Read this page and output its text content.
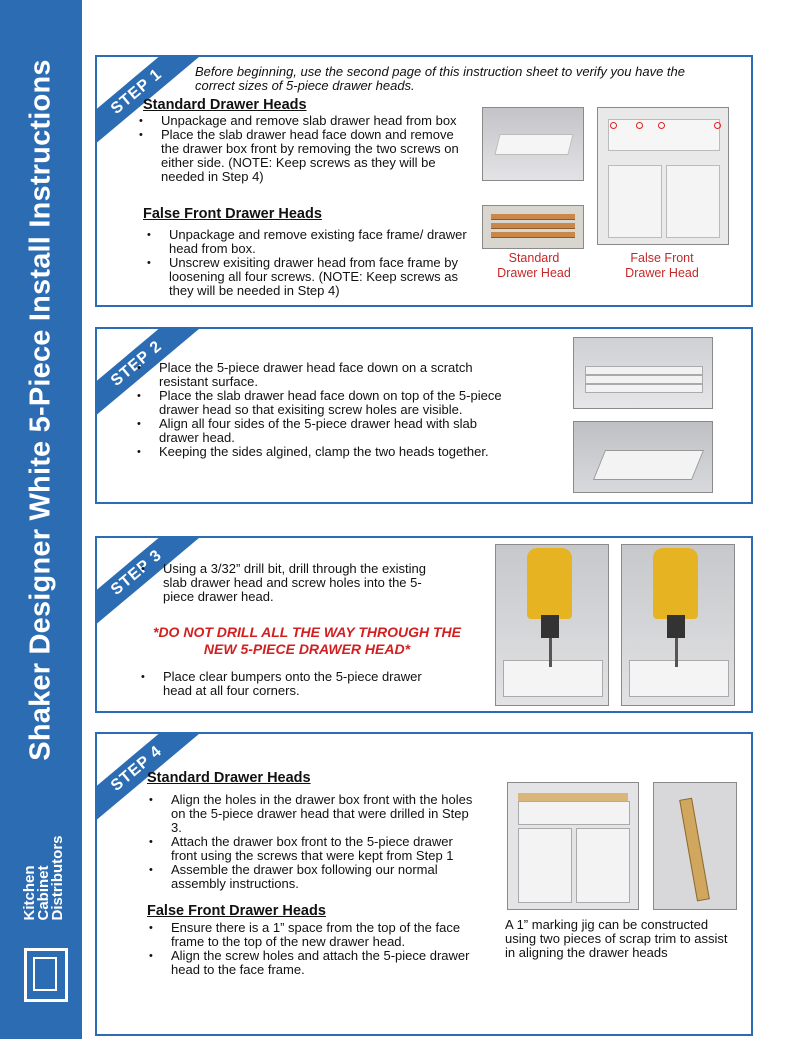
Shaker Designer White 5-Piece Install Instructions
Kitchen
Cabinet
Distributors
STEP 1	Before beginning, use the second page of this instruction sheet to verify you have the correct sizes of 5-piece drawer heads.
Standard Drawer Heads
• Unpackage and remove slab drawer head from box
• Place the slab drawer head face down and remove the drawer box front by removing the two screws on either side. (NOTE: Keep screws as they will be needed in Step 4)
False Front Drawer Heads
• Unpackage and remove existing face frame/ drawer head from box.
• Unscrew exisiting drawer head from face frame by loosening all four screws. (NOTE: Keep screws as they will be needed in Step 4)
Standard Drawer Head
False Front Drawer Head
STEP 2
• Place the 5-piece drawer head face down on a scratch resistant surface.
• Place the slab drawer head face down on top of the 5-piece drawer head so that exisiting screw holes are visible.
• Align all four sides of the 5-piece drawer head with slab drawer head.
• Keeping the sides algined, clamp the two heads together.
STEP 3
• Using a 3/32” drill bit, drill through the existing slab drawer head and screw holes into the 5-piece drawer head.
*DO NOT DRILL ALL THE WAY THROUGH THE NEW 5-PIECE DRAWER HEAD*
• Place clear bumpers onto the 5-piece drawer head at all four corners.
STEP 4
Standard Drawer Heads
• Align the holes in the drawer box front with the holes on the 5-piece drawer head that were drilled in Step 3.
• Attach the drawer box front to the 5-piece drawer front using the screws that were kept from Step 1
• Assemble the drawer box following our normal assembly instructions.
False Front Drawer Heads
• Ensure there is a 1” space from the top of the face frame to the top of the new drawer head.
• Align the screw holes and attach the 5-piece drawer head to the face frame.
A 1” marking jig can be constructed using two pieces of scrap trim to assist in aligning the drawer heads
